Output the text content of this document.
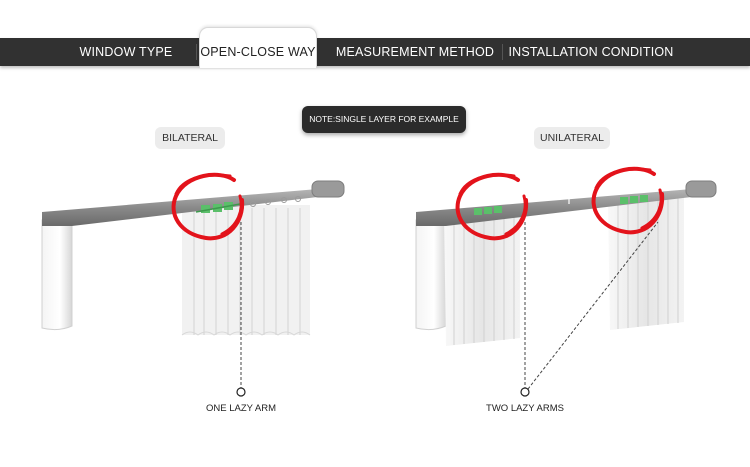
WINDOW TYPE	OPEN-CLOSE WAY MEASUREMENT METHOD INSTALLATION CONDITION
NOTE:SINGLE LAYER FOR EXAMPLE
BILATERAL	UNILATERAL
ONE LAZY ARM	TWO LAZY ARMS
